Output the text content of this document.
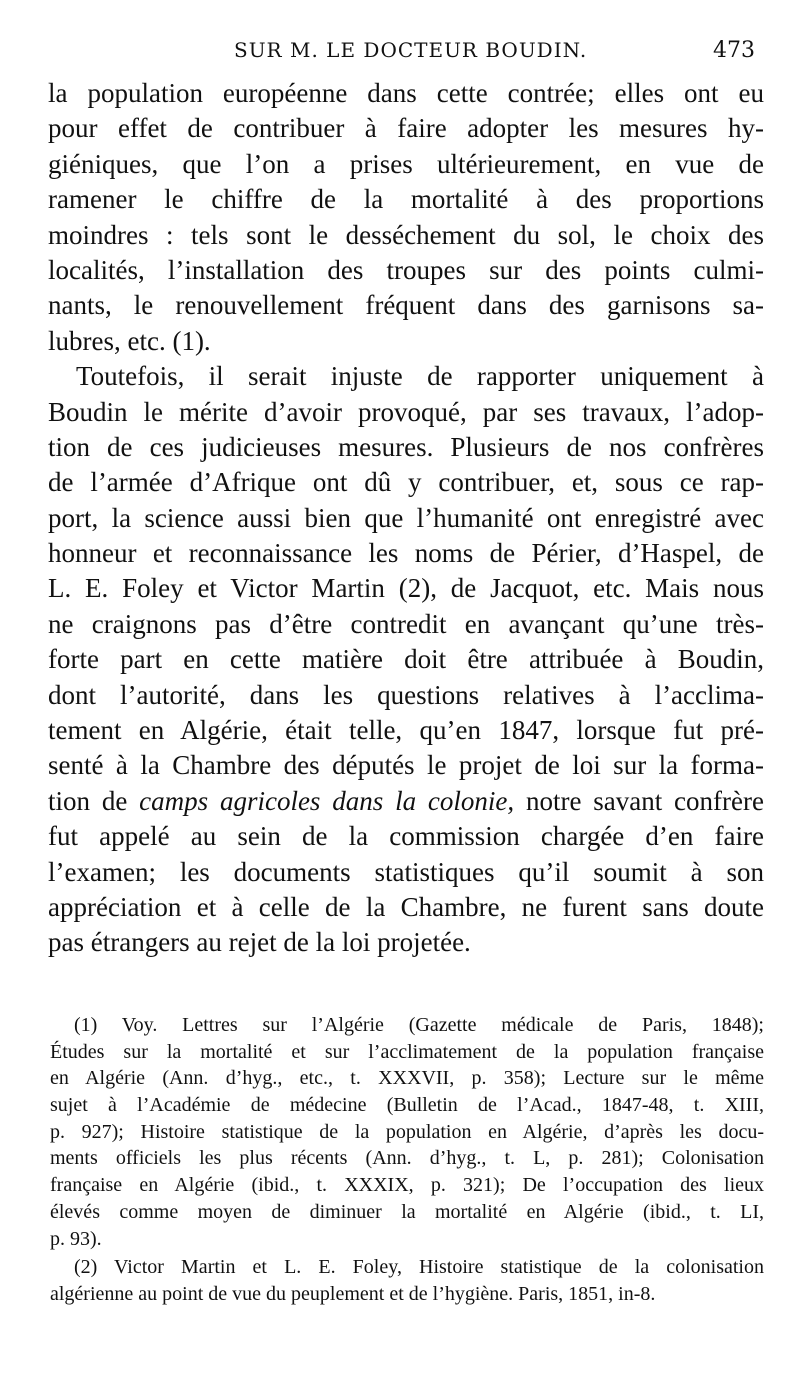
SUR M. LE DOCTEUR BOUDIN.	473
la population européenne dans cette contrée; elles ont eu
pour effet de contribuer à faire adopter les mesures hy-
giéniques, que l’on a prises ultérieurement, en vue de
ramener le chiffre de la mortalité à des proportions
moindres : tels sont le desséchement du sol, le choix des
localités, l’installation des troupes sur des points culmi-
nants, le renouvellement fréquent dans des garnisons sa-
lubres, etc. (1).
Toutefois, il serait injuste de rapporter uniquement à
Boudin le mérite d’avoir provoqué, par ses travaux, l’adop-
tion de ces judicieuses mesures. Plusieurs de nos confrères
de l’armée d’Afrique ont dû y contribuer, et, sous ce rap-
port, la science aussi bien que l’humanité ont enregistré avec
honneur et reconnaissance les noms de Périer, d’Haspel, de
L. E. Foley et Victor Martin (2), de Jacquot, etc. Mais nous
ne craignons pas d’être contredit en avançant qu’une très-
forte part en cette matière doit être attribuée à Boudin,
dont l’autorité, dans les questions relatives à l’acclima-
tement en Algérie, était telle, qu’en 1847, lorsque fut pré-
senté à la Chambre des députés le projet de loi sur la forma-
tion de camps agricoles dans la colonie, notre savant confrère
fut appelé au sein de la commission chargée d’en faire
l’examen; les documents statistiques qu’il soumit à son
appréciation et à celle de la Chambre, ne furent sans doute
pas étrangers au rejet de la loi projetée.
(1) Voy. Lettres sur l’Algérie (Gazette médicale de Paris, 1848);
Études sur la mortalité et sur l’acclimatement de la population française
en Algérie (Ann. d’hyg., etc., t. XXXVII, p. 358); Lecture sur le même
sujet à l’Académie de médecine (Bulletin de l’Acad., 1847-48, t. XIII,
p. 927); Histoire statistique de la population en Algérie, d’après les docu-
ments officiels les plus récents (Ann. d’hyg., t. L, p. 281); Colonisation
française en Algérie (ibid., t. XXXIX, p. 321); De l’occupation des lieux
élevés comme moyen de diminuer la mortalité en Algérie (ibid., t. LI,
p. 93).
(2) Victor Martin et L. E. Foley, Histoire statistique de la colonisation
algérienne au point de vue du peuplement et de l’hygiène. Paris, 1851, in-8.
